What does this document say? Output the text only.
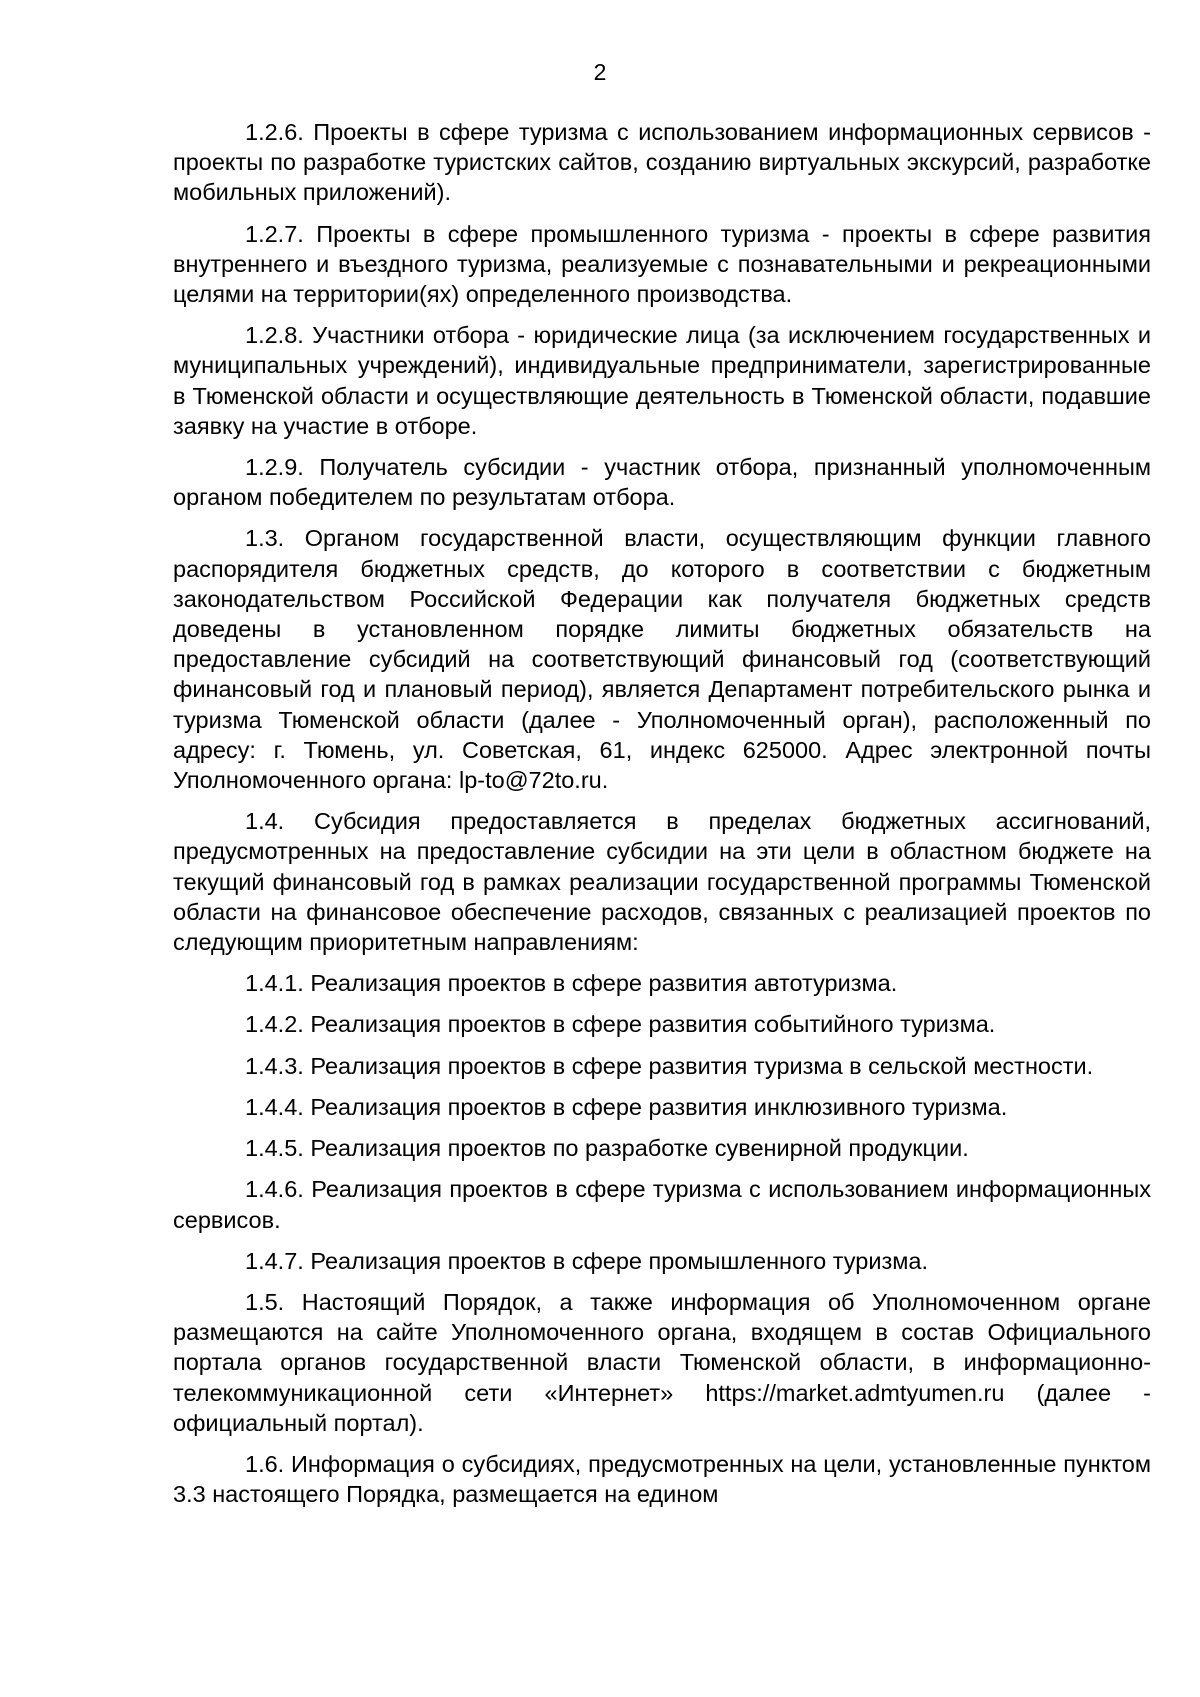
2

1.2.6. Проекты в сфере туризма с использованием информационных сервисов - проекты по разработке туристских сайтов, созданию виртуальных экскурсий, разработке мобильных приложений).

1.2.7. Проекты в сфере промышленного туризма - проекты в сфере развития внутреннего и въездного туризма, реализуемые с познавательными и рекреационными целями на территории(ях) определенного производства.

1.2.8. Участники отбора - юридические лица (за исключением государственных и муниципальных учреждений), индивидуальные предприниматели, зарегистрированные в Тюменской области и осуществляющие деятельность в Тюменской области, подавшие заявку на участие в отборе.

1.2.9. Получатель субсидии - участник отбора, признанный уполномоченным органом победителем по результатам отбора.

1.3. Органом государственной власти, осуществляющим функции главного распорядителя бюджетных средств, до которого в соответствии с бюджетным законодательством Российской Федерации как получателя бюджетных средств доведены в установленном порядке лимиты бюджетных обязательств на предоставление субсидий на соответствующий финансовый год (соответствующий финансовый год и плановый период), является Департамент потребительского рынка и туризма Тюменской области (далее - Уполномоченный орган), расположенный по адресу: г. Тюмень, ул. Советская, 61, индекс 625000. Адрес электронной почты Уполномоченного органа: lp-to@72to.ru.

1.4. Субсидия предоставляется в пределах бюджетных ассигнований, предусмотренных на предоставление субсидии на эти цели в областном бюджете на текущий финансовый год в рамках реализации государственной программы Тюменской области на финансовое обеспечение расходов, связанных с реализацией проектов по следующим приоритетным направлениям:

1.4.1. Реализация проектов в сфере развития автотуризма.

1.4.2. Реализация проектов в сфере развития событийного туризма.

1.4.3. Реализация проектов в сфере развития туризма в сельской местности.

1.4.4. Реализация проектов в сфере развития инклюзивного туризма.

1.4.5. Реализация проектов по разработке сувенирной продукции.

1.4.6. Реализация проектов в сфере туризма с использованием информационных сервисов.

1.4.7. Реализация проектов в сфере промышленного туризма.

1.5. Настоящий Порядок, а также информация об Уполномоченном органе размещаются на сайте Уполномоченного органа, входящем в состав Официального портала органов государственной власти Тюменской области, в информационно-телекоммуникационной сети «Интернет» https://market.admtyumen.ru (далее - официальный портал).

1.6. Информация о субсидиях, предусмотренных на цели, установленные пунктом 3.3 настоящего Порядка, размещается на едином
